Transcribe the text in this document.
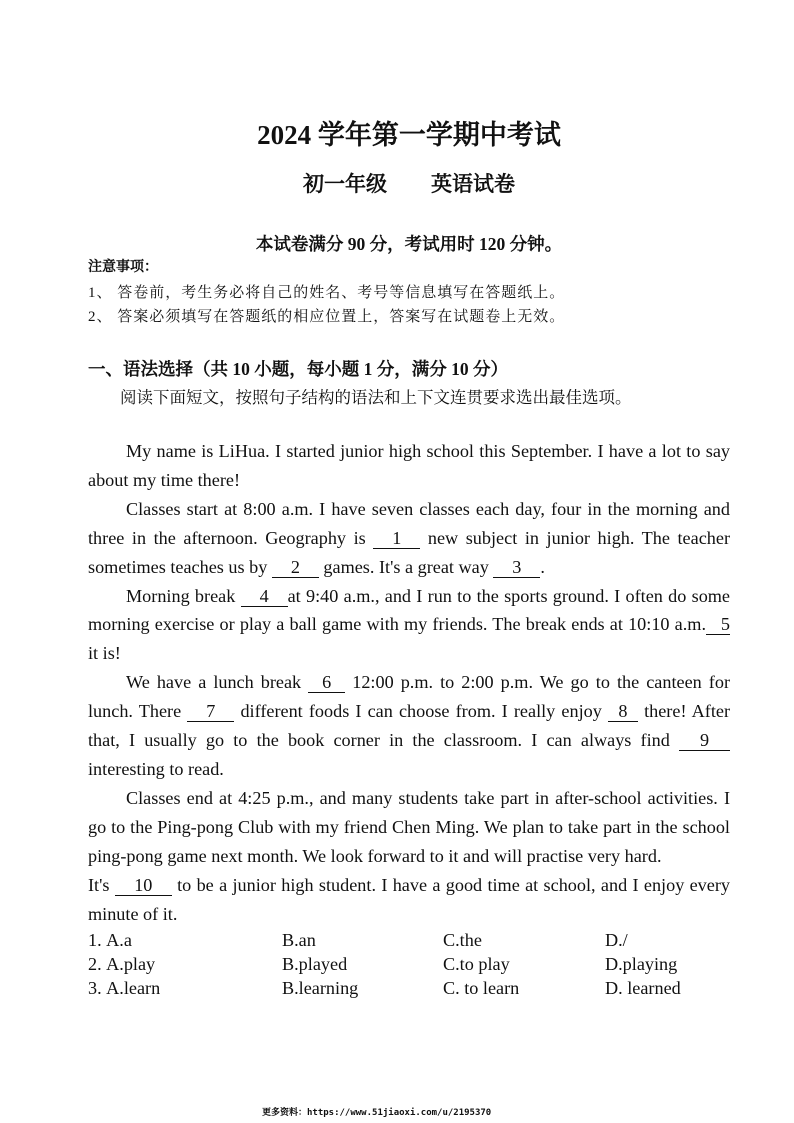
2024 学年第一学期中考试
初一年级 英语试卷
本试卷满分 90 分，考试用时 120 分钟。
注意事项：
1、 答卷前，考生务必将自己的姓名、考号等信息填写在答题纸上。
2、 答案必须填写在答题纸的相应位置上，答案写在试题卷上无效。
一、语法选择（共 10 小题，每小题 1 分，满分 10 分）
阅读下面短文，按照句子结构的语法和上下文连贯要求选出最佳选项。

My name is LiHua. I started junior high school this September. I have a lot to say about my time there!

Classes start at 8:00 a.m. I have seven classes each day, four in the morning and three in the afternoon. Geography is 1 new subject in junior high. The teacher sometimes teaches us by 2 games. It's a great way 3 .

Morning break 4 at 9:40 a.m., and I run to the sports ground. I often do some morning exercise or play a ball game with my friends. The break ends at 10:10 a.m. 5 it is!

We have a lunch break 6 12:00 p.m. to 2:00 p.m. We go to the canteen for lunch. There 7 different foods I can choose from. I really enjoy 8 there! After that, I usually go to the book corner in the classroom. I can always find 9 interesting to read.

Classes end at 4:25 p.m., and many students take part in after-school activities. I go to the Ping-pong Club with my friend Chen Ming. We plan to take part in the school ping-pong game next month. We look forward to it and will practise very hard.

It's 10 to be a junior high student. I have a good time at school, and I enjoy every minute of it.

1. A.a	B.an	C.the	D./
2. A.play	B.played	C.to play	D.playing
3. A.learn	B.learning	C. to learn	D. learned
更多资料：https://www.51jiaoxi.com/u/2195370
